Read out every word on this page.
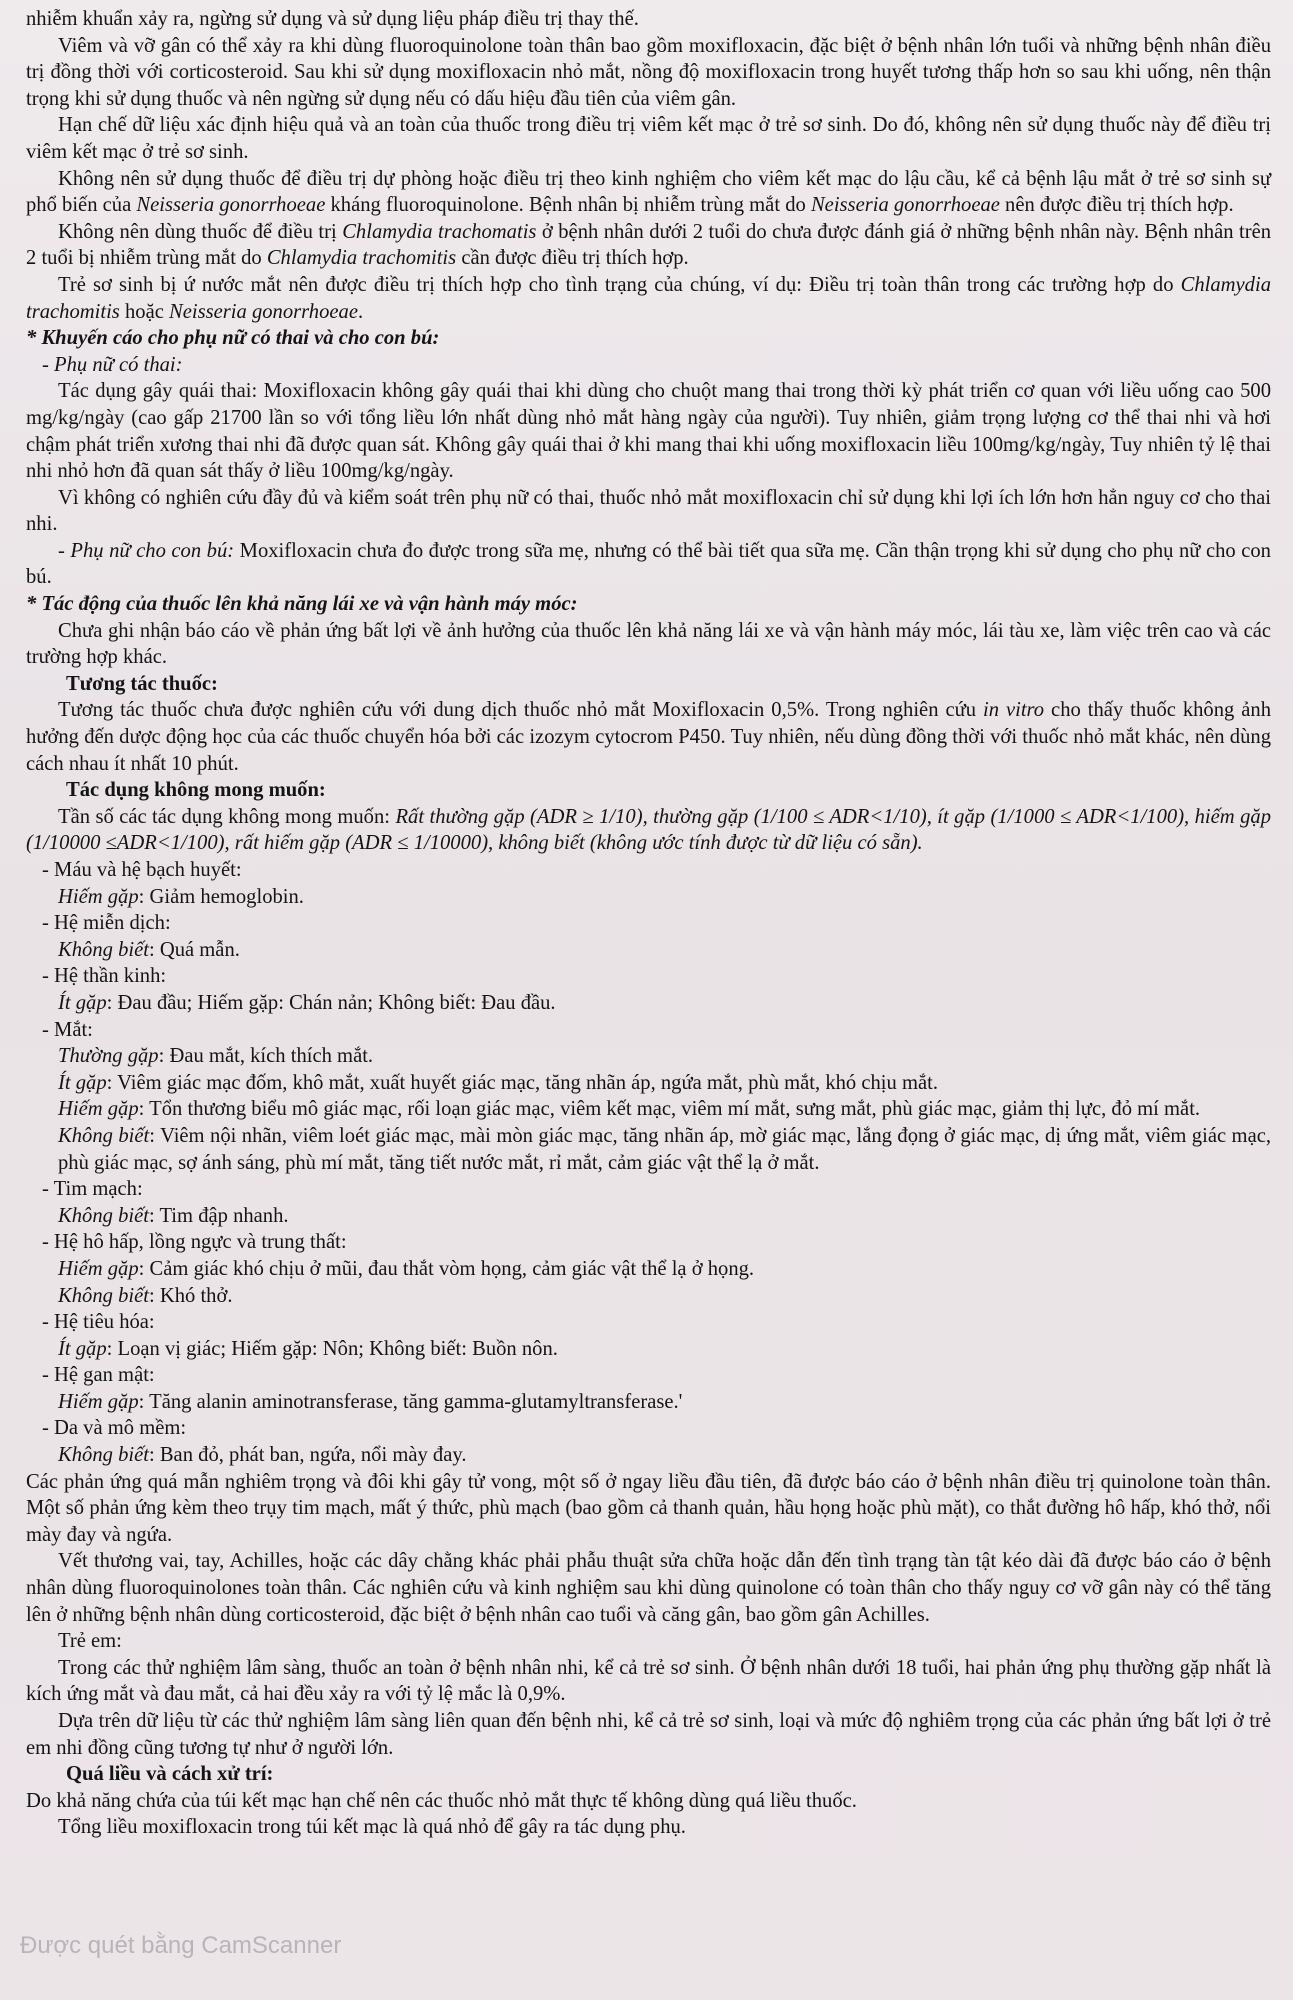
nhiễm khuẩn xảy ra, ngừng sử dụng và sử dụng liệu pháp điều trị thay thế.

Viêm và vỡ gân có thể xảy ra khi dùng fluoroquinolone toàn thân bao gồm moxifloxacin, đặc biệt ở bệnh nhân lớn tuổi và những bệnh nhân điều trị đồng thời với corticosteroid. Sau khi sử dụng moxifloxacin nhỏ mắt, nồng độ moxifloxacin trong huyết tương thấp hơn so sau khi uống, nên thận trọng khi sử dụng thuốc và nên ngừng sử dụng nếu có dấu hiệu đầu tiên của viêm gân.

Hạn chế dữ liệu xác định hiệu quả và an toàn của thuốc trong điều trị viêm kết mạc ở trẻ sơ sinh. Do đó, không nên sử dụng thuốc này để điều trị viêm kết mạc ở trẻ sơ sinh.

Không nên sử dụng thuốc để điều trị dự phòng hoặc điều trị theo kinh nghiệm cho viêm kết mạc do lậu cầu, kể cả bệnh lậu mắt ở trẻ sơ sinh sự phổ biến của Neisseria gonorrhoeae kháng fluoroquinolone. Bệnh nhân bị nhiễm trùng mắt do Neisseria gonorrhoeae nên được điều trị thích hợp.

Không nên dùng thuốc để điều trị Chlamydia trachomatis ở bệnh nhân dưới 2 tuổi do chưa được đánh giá ở những bệnh nhân này. Bệnh nhân trên 2 tuổi bị nhiễm trùng mắt do Chlamydia trachomitis cần được điều trị thích hợp.

Trẻ sơ sinh bị ứ nước mắt nên được điều trị thích hợp cho tình trạng của chúng, ví dụ: Điều trị toàn thân trong các trường hợp do Chlamydia trachomitis hoặc Neisseria gonorrhoeae.

* Khuyến cáo cho phụ nữ có thai và cho con bú:

- Phụ nữ có thai:

Tác dụng gây quái thai: Moxifloxacin không gây quái thai khi dùng cho chuột mang thai trong thời kỳ phát triển cơ quan với liều uống cao 500 mg/kg/ngày (cao gấp 21700 lần so với tổng liều lớn nhất dùng nhỏ mắt hàng ngày của người). Tuy nhiên, giảm trọng lượng cơ thể thai nhi và hơi chậm phát triển xương thai nhi đã được quan sát. Không gây quái thai ở khi mang thai khi uống moxifloxacin liều 100mg/kg/ngày, Tuy nhiên tỷ lệ thai nhi nhỏ hơn đã quan sát thấy ở liều 100mg/kg/ngày.

Vì không có nghiên cứu đầy đủ và kiểm soát trên phụ nữ có thai, thuốc nhỏ mắt moxifloxacin chỉ sử dụng khi lợi ích lớn hơn hẳn nguy cơ cho thai nhi.

- Phụ nữ cho con bú: Moxifloxacin chưa đo được trong sữa mẹ, nhưng có thể bài tiết qua sữa mẹ. Cần thận trọng khi sử dụng cho phụ nữ cho con bú.

* Tác động của thuốc lên khả năng lái xe và vận hành máy móc:

Chưa ghi nhận báo cáo về phản ứng bất lợi về ảnh hưởng của thuốc lên khả năng lái xe và vận hành máy móc, lái tàu xe, làm việc trên cao và các trường hợp khác.

Tương tác thuốc:

Tương tác thuốc chưa được nghiên cứu với dung dịch thuốc nhỏ mắt Moxifloxacin 0,5%. Trong nghiên cứu in vitro cho thấy thuốc không ảnh hưởng đến dược động học của các thuốc chuyển hóa bởi các izozym cytocrom P450. Tuy nhiên, nếu dùng đồng thời với thuốc nhỏ mắt khác, nên dùng cách nhau ít nhất 10 phút.

Tác dụng không mong muốn:

Tần số các tác dụng không mong muốn: Rất thường gặp (ADR ≥ 1/10), thường gặp (1/100 ≤ ADR<1/10), ít gặp (1/1000 ≤ ADR<1/100), hiếm gặp (1/10000 ≤ADR<1/100), rất hiếm gặp (ADR ≤ 1/10000), không biết (không ước tính được từ dữ liệu có sẵn).

- Máu và hệ bạch huyết:

Hiếm gặp: Giảm hemoglobin.

- Hệ miễn dịch:

Không biết: Quá mẫn.

- Hệ thần kinh:

Ít gặp: Đau đầu; Hiếm gặp: Chán nản; Không biết: Đau đầu.

- Mắt:

Thường gặp: Đau mắt, kích thích mắt.

Ít gặp: Viêm giác mạc đốm, khô mắt, xuất huyết giác mạc, tăng nhãn áp, ngứa mắt, phù mắt, khó chịu mắt.

Hiếm gặp: Tổn thương biểu mô giác mạc, rối loạn giác mạc, viêm kết mạc, viêm mí mắt, sưng mắt, phù giác mạc, giảm thị lực, đỏ mí mắt.

Không biết: Viêm nội nhãn, viêm loét giác mạc, mài mòn giác mạc, tăng nhãn áp, mờ giác mạc, lắng đọng ở giác mạc, dị ứng mắt, viêm giác mạc, phù giác mạc, sợ ánh sáng, phù mí mắt, tăng tiết nước mắt, rỉ mắt, cảm giác vật thể lạ ở mắt.

- Tim mạch:

Không biết: Tim đập nhanh.

- Hệ hô hấp, lồng ngực và trung thất:

Hiếm gặp: Cảm giác khó chịu ở mũi, đau thắt vòm họng, cảm giác vật thể lạ ở họng.

Không biết: Khó thở.

- Hệ tiêu hóa:

Ít gặp: Loạn vị giác; Hiếm gặp: Nôn; Không biết: Buồn nôn.

- Hệ gan mật:

Hiếm gặp: Tăng alanin aminotransferase, tăng gamma-glutamyltransferase.'

- Da và mô mềm:

Không biết: Ban đỏ, phát ban, ngứa, nổi mày đay.

Các phản ứng quá mẫn nghiêm trọng và đôi khi gây tử vong, một số ở ngay liều đầu tiên, đã được báo cáo ở bệnh nhân điều trị quinolone toàn thân. Một số phản ứng kèm theo trụy tim mạch, mất ý thức, phù mạch (bao gồm cả thanh quản, hầu họng hoặc phù mặt), co thắt đường hô hấp, khó thở, nổi mày đay và ngứa.

Vết thương vai, tay, Achilles, hoặc các dây chằng khác phải phẫu thuật sửa chữa hoặc dẫn đến tình trạng tàn tật kéo dài đã được báo cáo ở bệnh nhân dùng fluoroquinolones toàn thân. Các nghiên cứu và kinh nghiệm sau khi dùng quinolone có toàn thân cho thấy nguy cơ vỡ gân này có thể tăng lên ở những bệnh nhân dùng corticosteroid, đặc biệt ở bệnh nhân cao tuổi và căng gân, bao gồm gân Achilles.

Trẻ em:

Trong các thử nghiệm lâm sàng, thuốc an toàn ở bệnh nhân nhi, kể cả trẻ sơ sinh. Ở bệnh nhân dưới 18 tuổi, hai phản ứng phụ thường gặp nhất là kích ứng mắt và đau mắt, cả hai đều xảy ra với tỷ lệ mắc là 0,9%.

Dựa trên dữ liệu từ các thử nghiệm lâm sàng liên quan đến bệnh nhi, kể cả trẻ sơ sinh, loại và mức độ nghiêm trọng của các phản ứng bất lợi ở trẻ em nhi đồng cũng tương tự như ở người lớn.

Quá liều và cách xử trí:

Do khả năng chứa của túi kết mạc hạn chế nên các thuốc nhỏ mắt thực tế không dùng quá liều thuốc.

Tổng liều moxifloxacin trong túi kết mạc là quá nhỏ để gây ra tác dụng phụ.

Được quét bằng CamScanner
